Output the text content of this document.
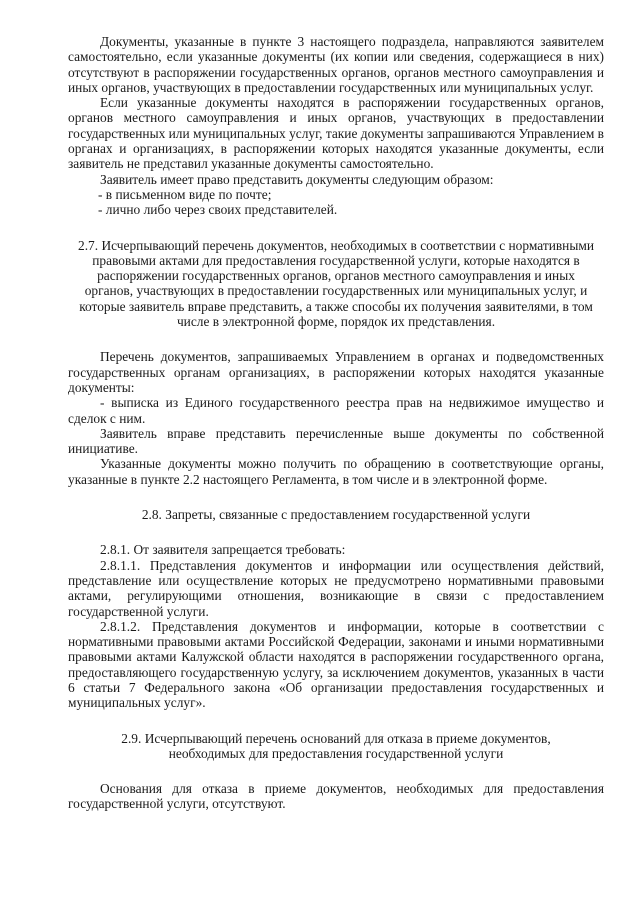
Документы, указанные в пункте 3 настоящего подраздела, направляются заявителем самостоятельно, если указанные документы (их копии или сведения, содержащиеся в них) отсутствуют в распоряжении государственных органов, органов местного самоуправления и иных органов, участвующих в предоставлении государственных или муниципальных услуг.

Если указанные документы находятся в распоряжении государственных органов, органов местного самоуправления и иных органов, участвующих в предоставлении государственных или муниципальных услуг, такие документы запрашиваются Управлением в органах и организациях, в распоряжении которых находятся указанные документы, если заявитель не представил указанные документы самостоятельно.

Заявитель имеет право представить документы следующим образом:

- в письменном виде по почте;

- лично либо через своих представителей.

2.7. Исчерпывающий перечень документов, необходимых в соответствии с нормативными правовыми актами для предоставления государственной услуги, которые находятся в распоряжении государственных органов, органов местного самоуправления и иных органов, участвующих в предоставлении государственных или муниципальных услуг, и которые заявитель вправе представить, а также способы их получения заявителями, в том числе в электронной форме, порядок их представления.

Перечень документов, запрашиваемых Управлением в органах и подведомственных государственных органам организациях, в распоряжении которых находятся указанные документы:

- выписка из Единого государственного реестра прав на недвижимое имущество и сделок с ним.

Заявитель вправе представить перечисленные выше документы по собственной инициативе.

Указанные документы можно получить по обращению в соответствующие органы, указанные в пункте 2.2 настоящего Регламента, в том числе и в электронной форме.

2.8. Запреты, связанные с предоставлением государственной услуги

2.8.1. От заявителя запрещается требовать:

2.8.1.1. Представления документов и информации или осуществления действий, представление или осуществление которых не предусмотрено нормативными правовыми актами, регулирующими отношения, возникающие в связи с предоставлением государственной услуги.

2.8.1.2. Представления документов и информации, которые в соответствии с нормативными правовыми актами Российской Федерации, законами и иными нормативными правовыми актами Калужской области находятся в распоряжении государственного органа, предоставляющего государственную услугу, за исключением документов, указанных в части 6 статьи 7 Федерального закона «Об организации предоставления государственных и муниципальных услуг».

2.9. Исчерпывающий перечень оснований для отказа в приеме документов, необходимых для предоставления государственной услуги

Основания для отказа в приеме документов, необходимых для предоставления государственной услуги, отсутствуют.
